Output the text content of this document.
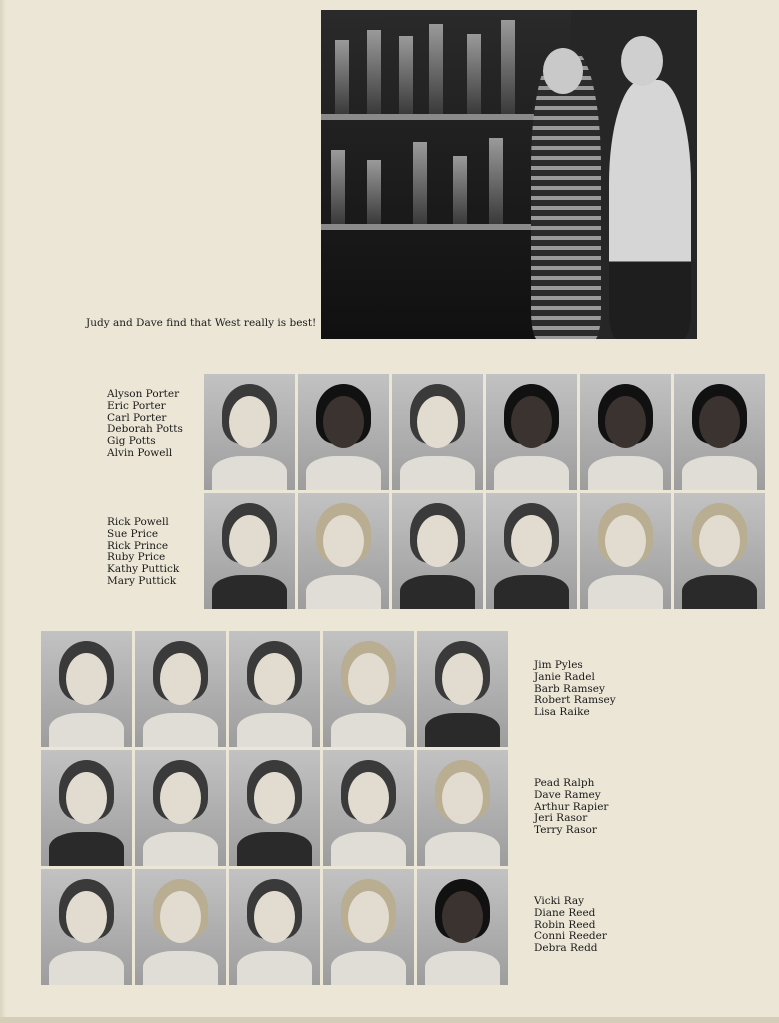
Judy and Dave find that West really is best!
Alyson Porter
Eric Porter
Carl Porter
Deborah Potts
Gig Potts
Alvin Powell
Rick Powell
Sue Price
Rick Prince
Ruby Price
Kathy Puttick
Mary Puttick
Jim Pyles
Janie Radel
Barb Ramsey
Robert Ramsey
Lisa Raike
Pead Ralph
Dave Ramey
Arthur Rapier
Jeri Rasor
Terry Rasor
Vicki Ray
Diane Reed
Robin Reed
Conni Reeder
Debra Redd
